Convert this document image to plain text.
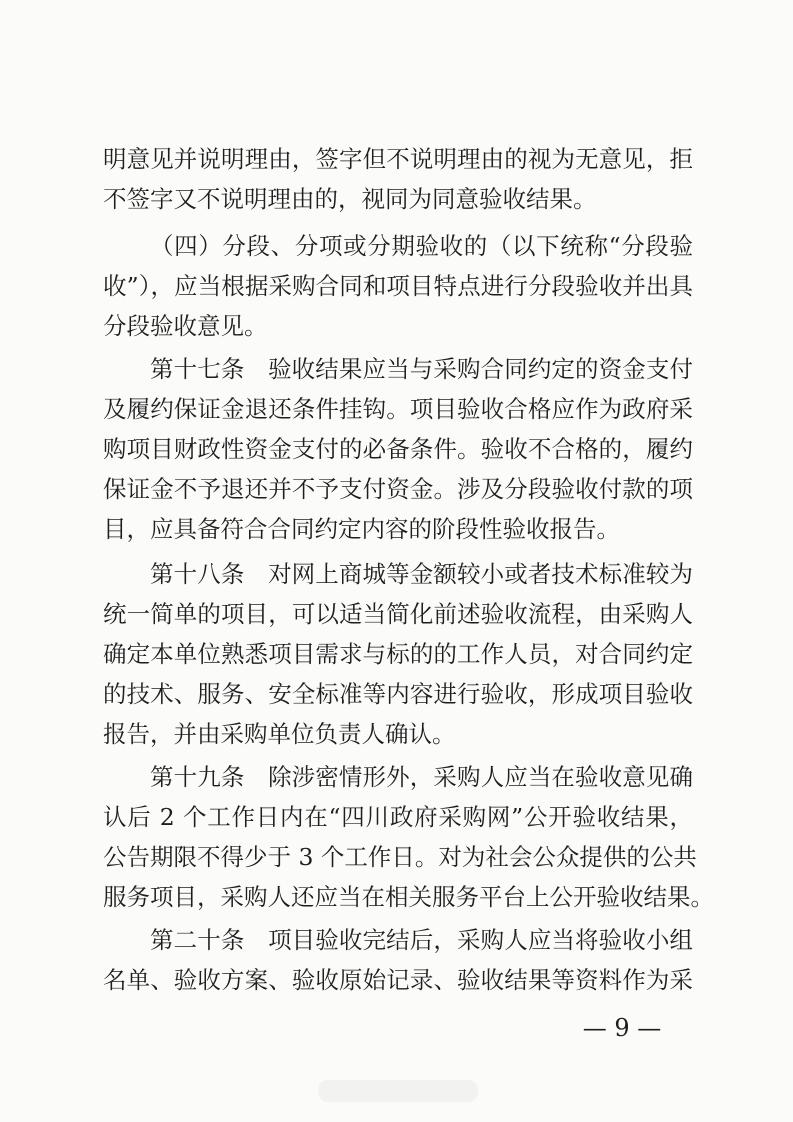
明意见并说明理由，签字但不说明理由的视为无意见，拒
不签字又不说明理由的，视同为同意验收结果。
（四）分段、分项或分期验收的（以下统称“分段验
收”），应当根据采购合同和项目特点进行分段验收并出具
分段验收意见。
第十七条　验收结果应当与采购合同约定的资金支付
及履约保证金退还条件挂钩。项目验收合格应作为政府采
购项目财政性资金支付的必备条件。验收不合格的，履约
保证金不予退还并不予支付资金。涉及分段验收付款的项
目，应具备符合合同约定内容的阶段性验收报告。
第十八条　对网上商城等金额较小或者技术标准较为
统一简单的项目，可以适当简化前述验收流程，由采购人
确定本单位熟悉项目需求与标的的工作人员，对合同约定
的技术、服务、安全标准等内容进行验收，形成项目验收
报告，并由采购单位负责人确认。
第十九条　除涉密情形外，采购人应当在验收意见确
认后 2 个工作日内在“四川政府采购网”公开验收结果，
公告期限不得少于 3 个工作日。对为社会公众提供的公共
服务项目，采购人还应当在相关服务平台上公开验收结果。
第二十条　项目验收完结后，采购人应当将验收小组
名单、验收方案、验收原始记录、验收结果等资料作为采
— 9 —
